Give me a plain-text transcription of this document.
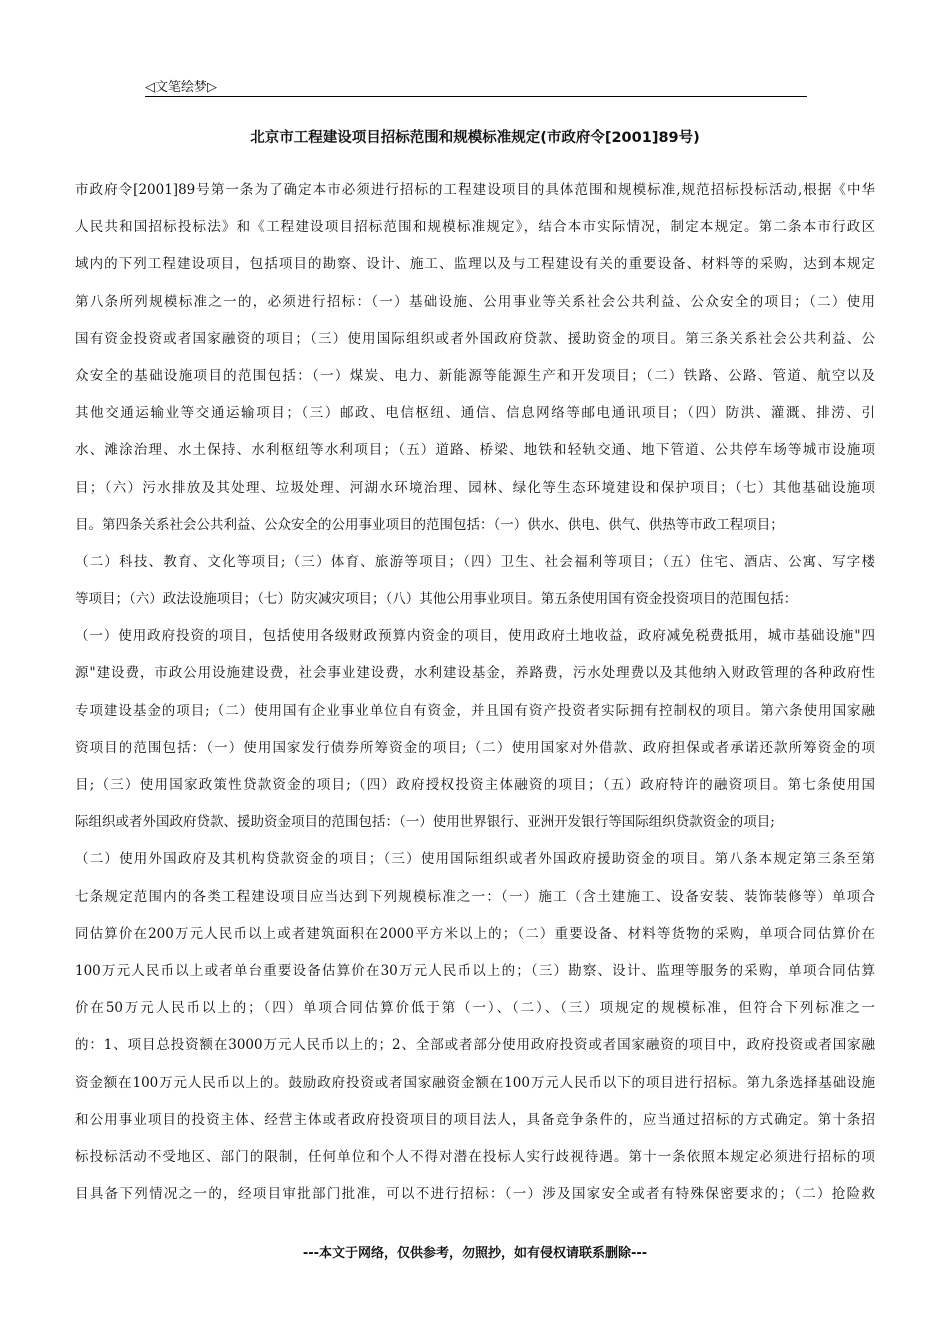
◁文笔绘梦▷
北京市工程建设项目招标范围和规模标准规定(市政府令[2001]89号)
市政府令[2001]89号第一条为了确定本市必须进行招标的工程建设项目的具体范围和规模标准,规范招标投标活动,根据《中华
人民共和国招标投标法》和《工程建设项目招标范围和规模标准规定》，结合本市实际情况，制定本规定。第二条本市行政区
域内的下列工程建设项目，包括项目的勘察、设计、施工、监理以及与工程建设有关的重要设备、材料等的采购，达到本规定
第八条所列规模标准之一的，必须进行招标：（一）基础设施、公用事业等关系社会公共利益、公众安全的项目；（二）使用
国有资金投资或者国家融资的项目；（三）使用国际组织或者外国政府贷款、援助资金的项目。第三条关系社会公共利益、公
众安全的基础设施项目的范围包括：（一）煤炭、电力、新能源等能源生产和开发项目；（二）铁路、公路、管道、航空以及
其他交通运输业等交通运输项目；（三）邮政、电信枢纽、通信、信息网络等邮电通讯项目；（四）防洪、灌溉、排涝、引
水、滩涂治理、水土保持、水利枢纽等水利项目；（五）道路、桥梁、地铁和轻轨交通、地下管道、公共停车场等城市设施项
目；（六）污水排放及其处理、垃圾处理、河湖水环境治理、园林、绿化等生态环境建设和保护项目；（七）其他基础设施项
目。第四条关系社会公共利益、公众安全的公用事业项目的范围包括：（一）供水、供电、供气、供热等市政工程项目；
（二）科技、教育、文化等项目;（三）体育、旅游等项目；（四）卫生、社会福利等项目；（五）住宅、酒店、公寓、写字楼
等项目；（六）政法设施项目；（七）防灾减灾项目；（八）其他公用事业项目。第五条使用国有资金投资项目的范围包括：
（一）使用政府投资的项目，包括使用各级财政预算内资金的项目，使用政府土地收益，政府减免税费抵用，城市基础设施"四
源"建设费，市政公用设施建设费，社会事业建设费，水利建设基金，养路费，污水处理费以及其他纳入财政管理的各种政府性
专项建设基金的项目;（二）使用国有企业事业单位自有资金，并且国有资产投资者实际拥有控制权的项目。第六条使用国家融
资项目的范围包括：（一）使用国家发行债券所筹资金的项目;（二）使用国家对外借款、政府担保或者承诺还款所筹资金的项
目;（三）使用国家政策性贷款资金的项目;（四）政府授权投资主体融资的项目；（五）政府特许的融资项目。第七条使用国
际组织或者外国政府贷款、援助资金项目的范围包括：（一）使用世界银行、亚洲开发银行等国际组织贷款资金的项目;
（二）使用外国政府及其机构贷款资金的项目；（三）使用国际组织或者外国政府援助资金的项目。第八条本规定第三条至第
七条规定范围内的各类工程建设项目应当达到下列规模标准之一：（一）施工（含土建施工、设备安装、装饰装修等）单项合
同估算价在200万元人民币以上或者建筑面积在2000平方米以上的；（二）重要设备、材料等货物的采购，单项合同估算价在
100万元人民币以上或者单台重要设备估算价在30万元人民币以上的；（三）勘察、设计、监理等服务的采购，单项合同估算
价在50万元人民币以上的；（四）单项合同估算价低于第（一）、（二）、（三）项规定的规模标准，但符合下列标准之一
的：1、项目总投资额在3000万元人民币以上的；2、全部或者部分使用政府投资或者国家融资的项目中，政府投资或者国家融
资金额在100万元人民币以上的。鼓励政府投资或者国家融资金额在100万元人民币以下的项目进行招标。第九条选择基础设施
和公用事业项目的投资主体、经营主体或者政府投资项目的项目法人，具备竞争条件的，应当通过招标的方式确定。第十条招
标投标活动不受地区、部门的限制，任何单位和个人不得对潜在投标人实行歧视待遇。第十一条依照本规定必须进行招标的项
目具备下列情况之一的，经项目审批部门批准，可以不进行招标：（一）涉及国家安全或者有特殊保密要求的；（二）抢险救
---本文于网络，仅供参考，勿照抄，如有侵权请联系删除---
